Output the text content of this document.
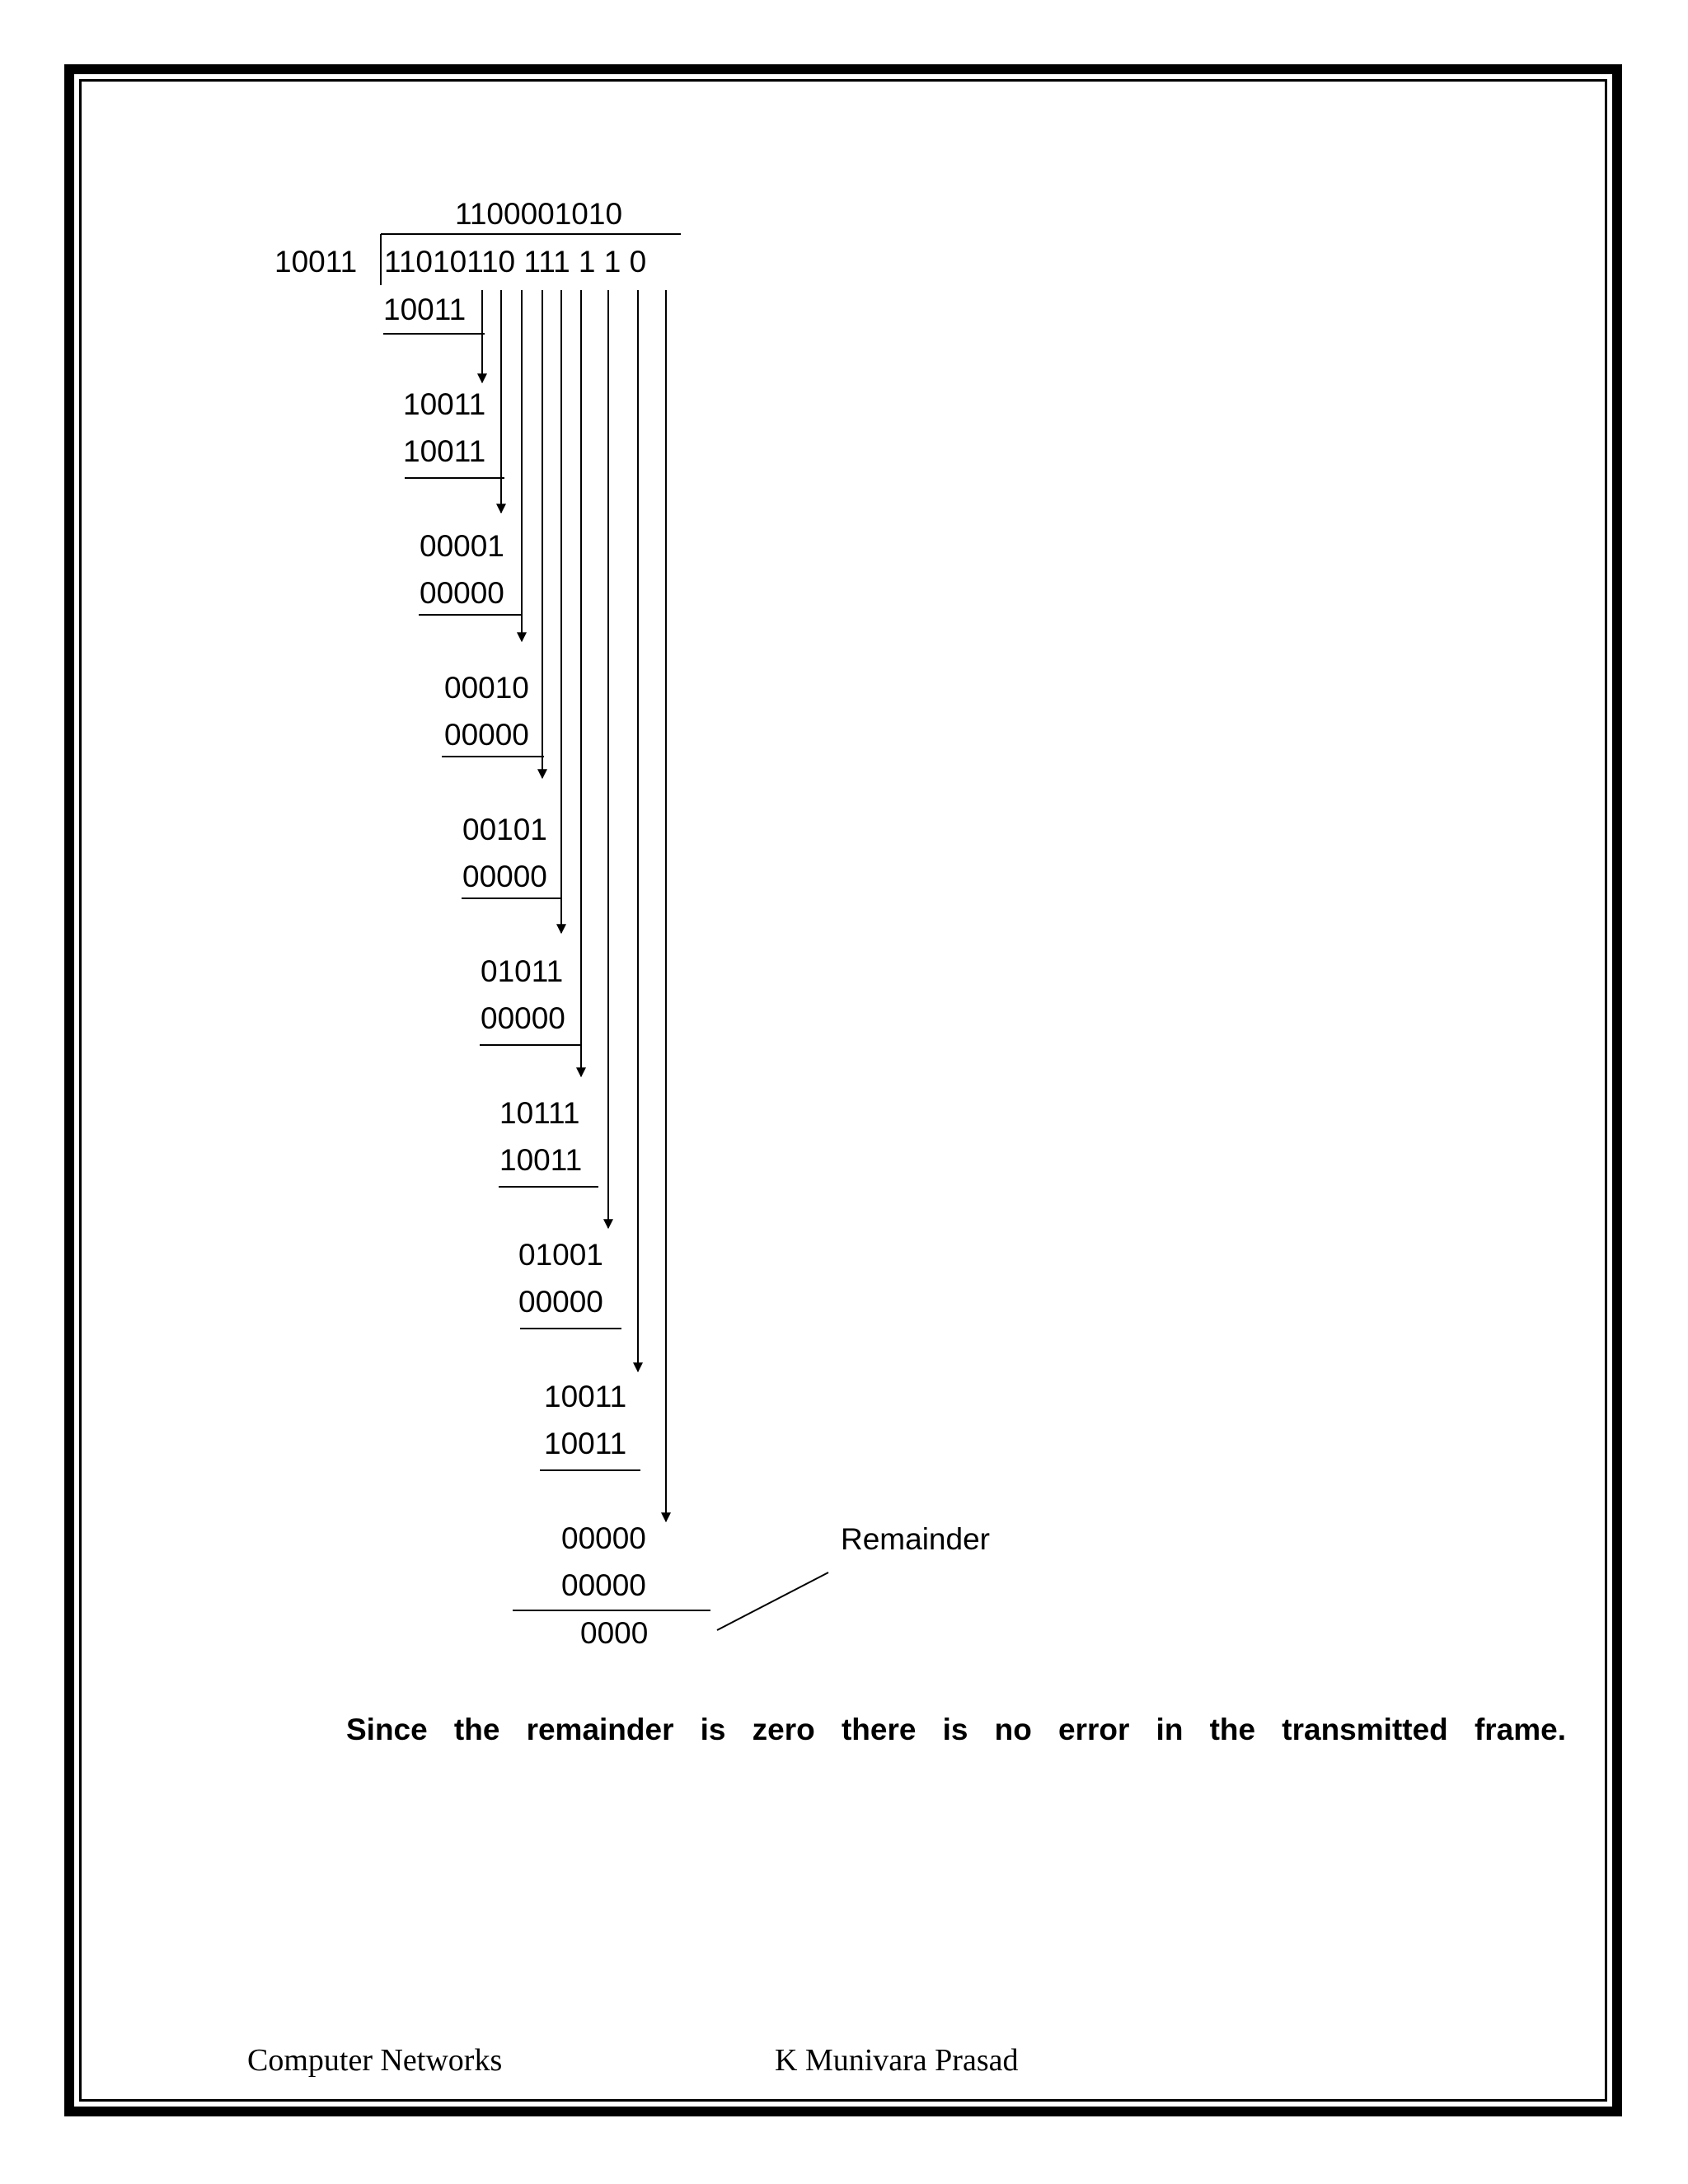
1100001010
10011 11010110 111 1 1 0
10011
10011
10011
00001
00000
00010
00000
00101
00000
01011
00000
10111
10011
01001
00000
10011
10011
00000
00000
0000
Remainder
Since the remainder is zero there is no error in the transmitted frame.
Computer Networks	K Munivara Prasad
